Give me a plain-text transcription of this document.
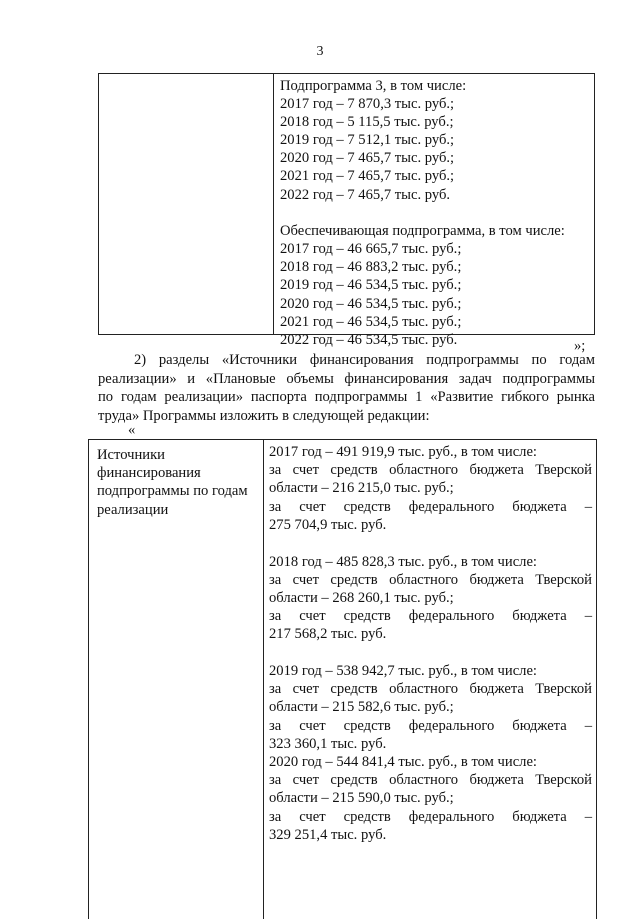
3
Подпрограмма 3, в том числе:
2017 год – 7 870,3 тыс. руб.;
2018 год – 5 115,5 тыс. руб.;
2019 год – 7 512,1 тыс. руб.;
2020 год – 7 465,7 тыс. руб.;
2021 год – 7 465,7 тыс. руб.;
2022 год – 7 465,7 тыс. руб.
Обеспечивающая подпрограмма, в том числе:
2017 год – 46 665,7 тыс. руб.;
2018 год – 46 883,2 тыс. руб.;
2019 год – 46 534,5 тыс. руб.;
2020 год – 46 534,5 тыс. руб.;
2021 год – 46 534,5 тыс. руб.;
2022 год – 46 534,5 тыс. руб.	»;
2) разделы «Источники финансирования подпрограммы по годам
реализации» и «Плановые объемы финансирования задач подпрограммы
по годам реализации» паспорта подпрограммы 1 «Развитие гибкого рынка
труда» Программы изложить в следующей редакции:
«
Источники
финансирования
подпрограммы по годам
реализации
2017 год – 491 919,9 тыс. руб., в том числе:
за счет средств областного бюджета Тверской
области – 216 215,0 тыс. руб.;
за счет средств федерального бюджета –
275 704,9 тыс. руб.
2018 год – 485 828,3 тыс. руб., в том числе:
за счет средств областного бюджета Тверской
области – 268 260,1 тыс. руб.;
за счет средств федерального бюджета –
217 568,2 тыс. руб.
2019 год – 538 942,7 тыс. руб., в том числе:
за счет средств областного бюджета Тверской
области – 215 582,6 тыс. руб.;
за счет средств федерального бюджета –
323 360,1 тыс. руб.
2020 год – 544 841,4 тыс. руб., в том числе:
за счет средств областного бюджета Тверской
области – 215 590,0 тыс. руб.;
за счет средств федерального бюджета –
329 251,4 тыс. руб.
